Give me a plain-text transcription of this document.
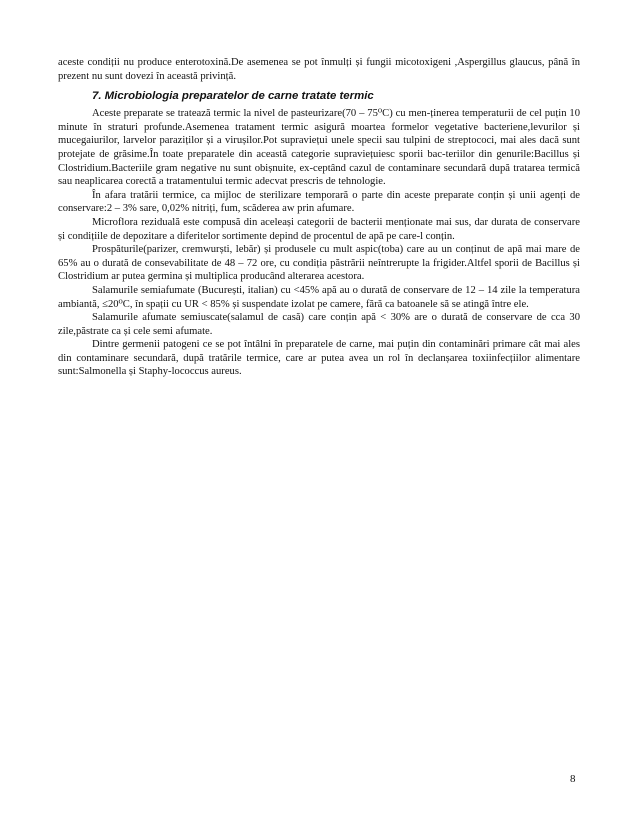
aceste condiții nu produce enterotoxină.De asemenea se pot înmulți și fungii micotoxigeni ,Aspergillus glaucus, până în prezent nu sunt dovezi în această privință.

7. Microbiologia preparatelor de carne tratate termic

Aceste preparate se tratează termic la nivel de pasteurizare(70 – 75⁰C) cu men-ținerea temperaturii de cel puțin 10 minute în straturi profunde.Asemenea tratament termic asigură moartea formelor vegetative bacteriene,levurilor și mucegaiurilor, larvelor paraziților și a virușilor.Pot supraviețui unele specii sau tulpini de streptococi, mai ales dacă sunt protejate de grăsime.În toate preparatele din această categorie supraviețuiesc sporii bac-teriilor din genurile:Bacillus și Clostridium.Bacteriile gram negative nu sunt obișnuite, ex-ceptând cazul de contaminare secundară după tratarea termică sau neaplicarea corectă a tratamentului termic adecvat prescris de tehnologie.

În afara tratării termice, ca mijloc de sterilizare temporară o parte din aceste preparate conțin și unii agenți de conservare:2 – 3% sare, 0,02% nitriți, fum, scăderea aw prin afumare.

Microflora reziduală este compusă din aceleași categorii de bacterii menționate mai sus, dar durata de conservare și condițiile de depozitare a diferitelor sortimente depind de procentul de apă pe care-l conțin.

Prospăturile(parizer, cremwurști, lebăr) și produsele cu mult aspic(toba) care au un conținut de apă mai mare de 65% au o durată de consevabilitate de 48 – 72 ore, cu condiția păstrării neîntrerupte la frigider.Altfel sporii de Bacillus și Clostridium ar putea germina și multiplica producând alterarea acestora.

Salamurile semiafumate (București, italian) cu <45% apă au o durată de conservare de 12 – 14 zile la temperatura ambiantă, ≤20⁰C, în spații cu UR < 85% și suspendate izolat pe camere, fără ca batoanele să se atingă între ele.

Salamurile afumate semiuscate(salamul de casă) care conțin apă < 30% are o durată de conservare de cca 30 zile,păstrate ca și cele semi afumate.

Dintre germenii patogeni ce se pot întâlni în preparatele de carne, mai puțin din contaminări primare cât mai ales din contaminare secundară, după tratările termice, care ar putea avea un rol în declanșarea toxiinfecțiilor alimentare sunt:Salmonella și Staphy-lococcus aureus.

8
